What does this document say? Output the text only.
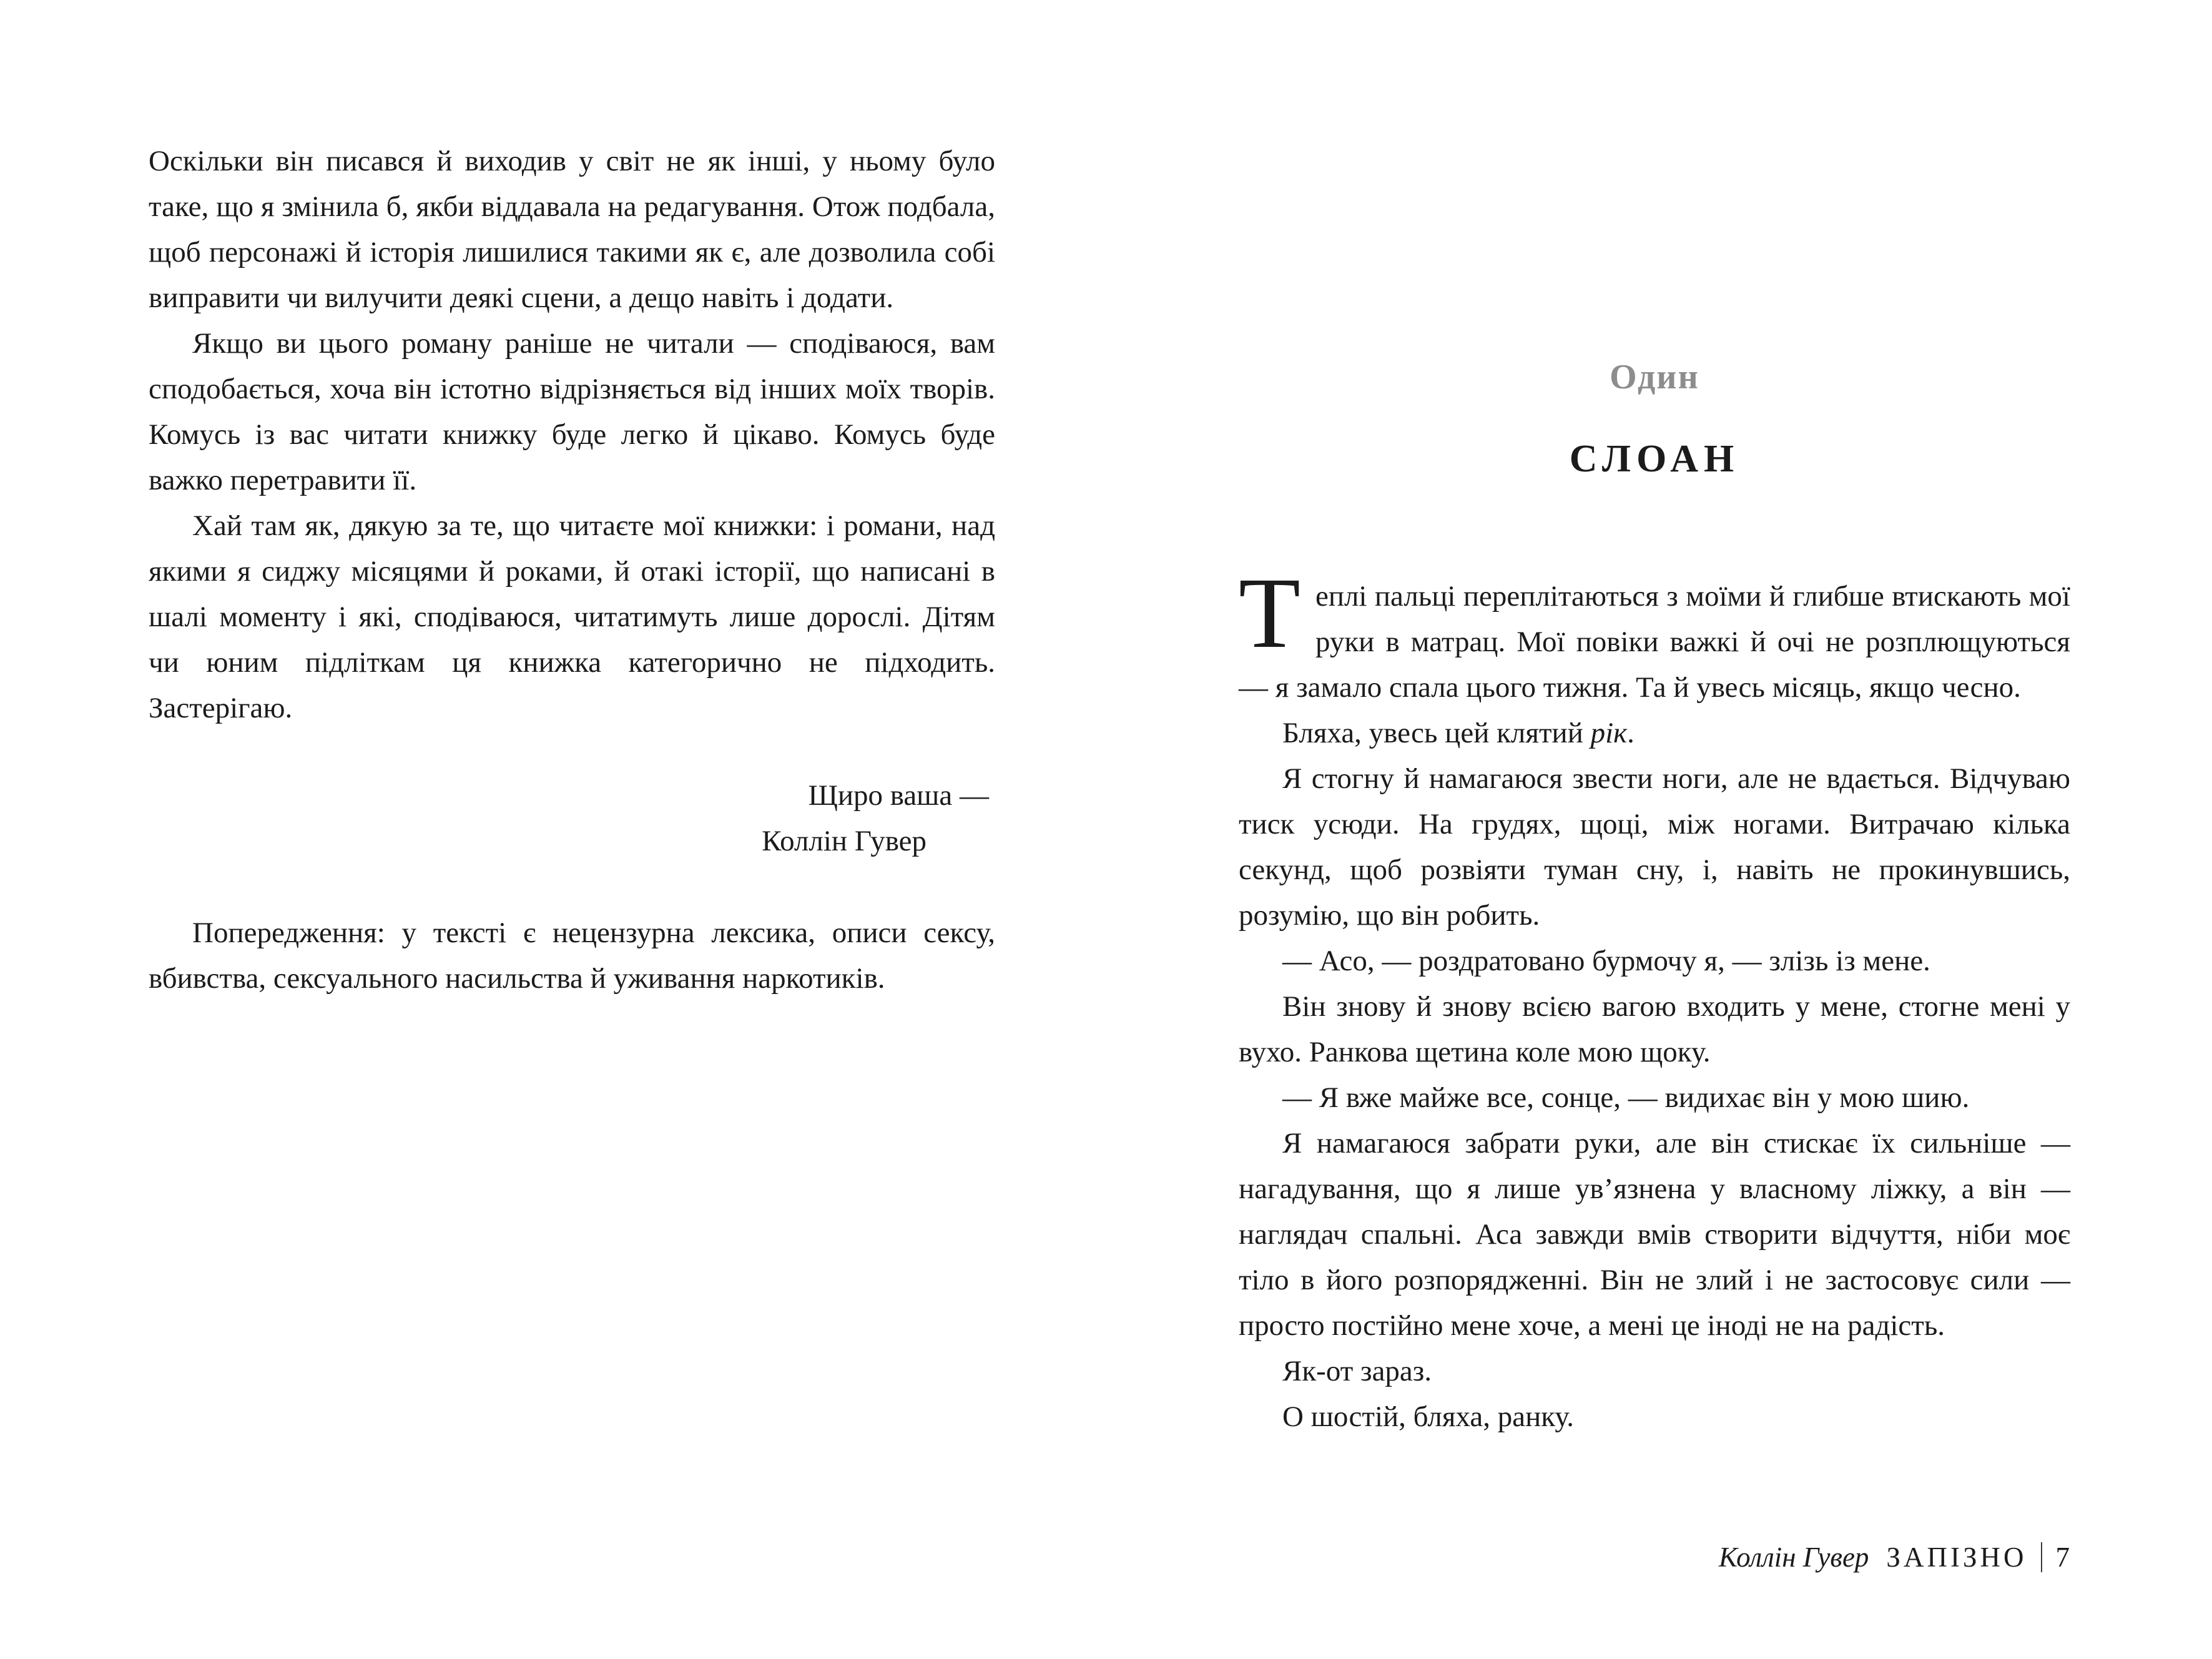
Оскільки він писався й виходив у світ не як інші, у ньому було таке, що я змінила б, якби віддавала на редагування. Отож подбала, щоб персонажі й історія лишилися такими як є, але дозволила собі виправити чи вилучити деякі сцени, а дещо навіть і додати.

Якщо ви цього роману раніше не читали — сподіваюся, вам сподобається, хоча він істотно відрізняється від інших моїх творів. Комусь із вас читати книжку буде легко й цікаво. Комусь буде важко перетравити її.

Хай там як, дякую за те, що читаєте мої книжки: і романи, над якими я сиджу місяцями й роками, й отакі історії, що написані в шалі моменту і які, сподіваюся, читатимуть лише дорослі. Дітям чи юним підліткам ця книжка категорично не підходить. Застерігаю.

Щиро ваша —

Коллін Гувер

Попередження: у тексті є нецензурна лексика, описи сексу, вбивства, сексуального насильства й уживання наркотиків.

Один
СЛОАН

Теплі пальці переплітаються з моїми й глибше втискають мої руки в матрац. Мої повіки важкі й очі не розплющуються — я замало спала цього тижня. Та й увесь місяць, якщо чесно.

Бляха, увесь цей клятий рік.

Я стогну й намагаюся звести ноги, але не вдається. Відчуваю тиск усюди. На грудях, щоці, між ногами. Витрачаю кілька секунд, щоб розвіяти туман сну, і, навіть не прокинувшись, розумію, що він робить.

— Асо, — роздратовано бурмочу я, — злізь із мене.

Він знову й знову всією вагою входить у мене, стогне мені у вухо. Ранкова щетина коле мою щоку.

— Я вже майже все, сонце, — видихає він у мою шию.

Я намагаюся забрати руки, але він стискає їх сильніше — нагадування, що я лише ув’язнена у власному ліжку, а він — наглядач спальні. Аса завжди вмів створити відчуття, ніби моє тіло в його розпорядженні. Він не злий і не застосовує сили — просто постійно мене хоче, а мені це іноді не на радість.

Як-от зараз.

О шостій, бляха, ранку.

Коллін Гувер ЗАПІЗНО 7
